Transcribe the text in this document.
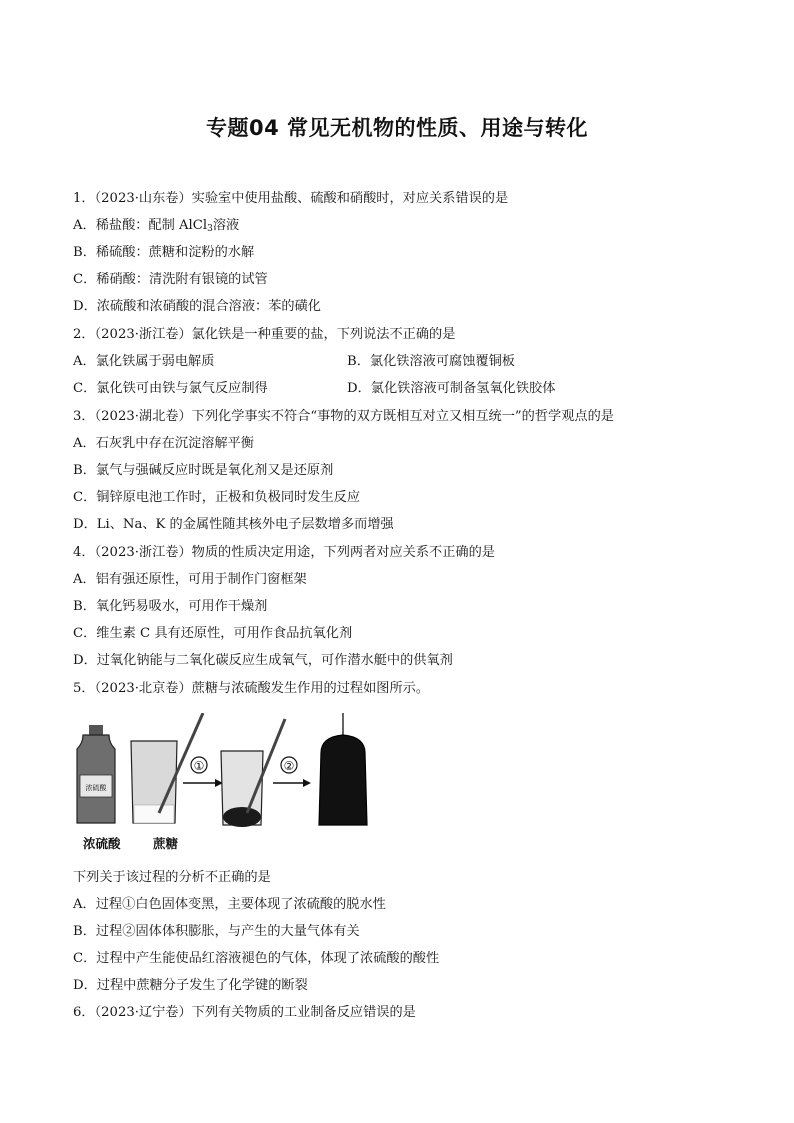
专题04 常见无机物的性质、用途与转化
1．（2023·山东卷）实验室中使用盐酸、硫酸和硝酸时，对应关系错误的是
A．稀盐酸：配制 AlCl$_3$溶液
B．稀硫酸：蔗糖和淀粉的水解
C．稀硝酸：清洗附有银镜的试管
D．浓硫酸和浓硝酸的混合溶液：苯的磺化
2．（2023·浙江卷）氯化铁是一种重要的盐，下列说法不正确的是
A．氯化铁属于弱电解质	B．氯化铁溶液可腐蚀覆铜板
C．氯化铁可由铁与氯气反应制得	D．氯化铁溶液可制备氢氧化铁胶体
3．（2023·湖北卷）下列化学事实不符合“事物的双方既相互对立又相互统一”的哲学观点的是
A．石灰乳中存在沉淀溶解平衡
B．氯气与强碱反应时既是氧化剂又是还原剂
C．铜锌原电池工作时，正极和负极同时发生反应
D．Li、Na、K 的金属性随其核外电子层数增多而增强
4．（2023·浙江卷）物质的性质决定用途，下列两者对应关系不正确的是
A．铝有强还原性，可用于制作门窗框架
B．氧化钙易吸水，可用作干燥剂
C．维生素 C 具有还原性，可用作食品抗氧化剂
D．过氧化钠能与二氧化碳反应生成氧气，可作潜水艇中的供氧剂
5．（2023·北京卷）蔗糖与浓硫酸发生作用的过程如图所示。
①	②
浓硫酸
浓硫酸	蔗糖
下列关于该过程的分析不正确的是
A．过程①白色固体变黑，主要体现了浓硫酸的脱水性
B．过程②固体体积膨胀，与产生的大量气体有关
C．过程中产生能使品红溶液褪色的气体，体现了浓硫酸的酸性
D．过程中蔗糖分子发生了化学键的断裂
6．（2023·辽宁卷）下列有关物质的工业制备反应错误的是
